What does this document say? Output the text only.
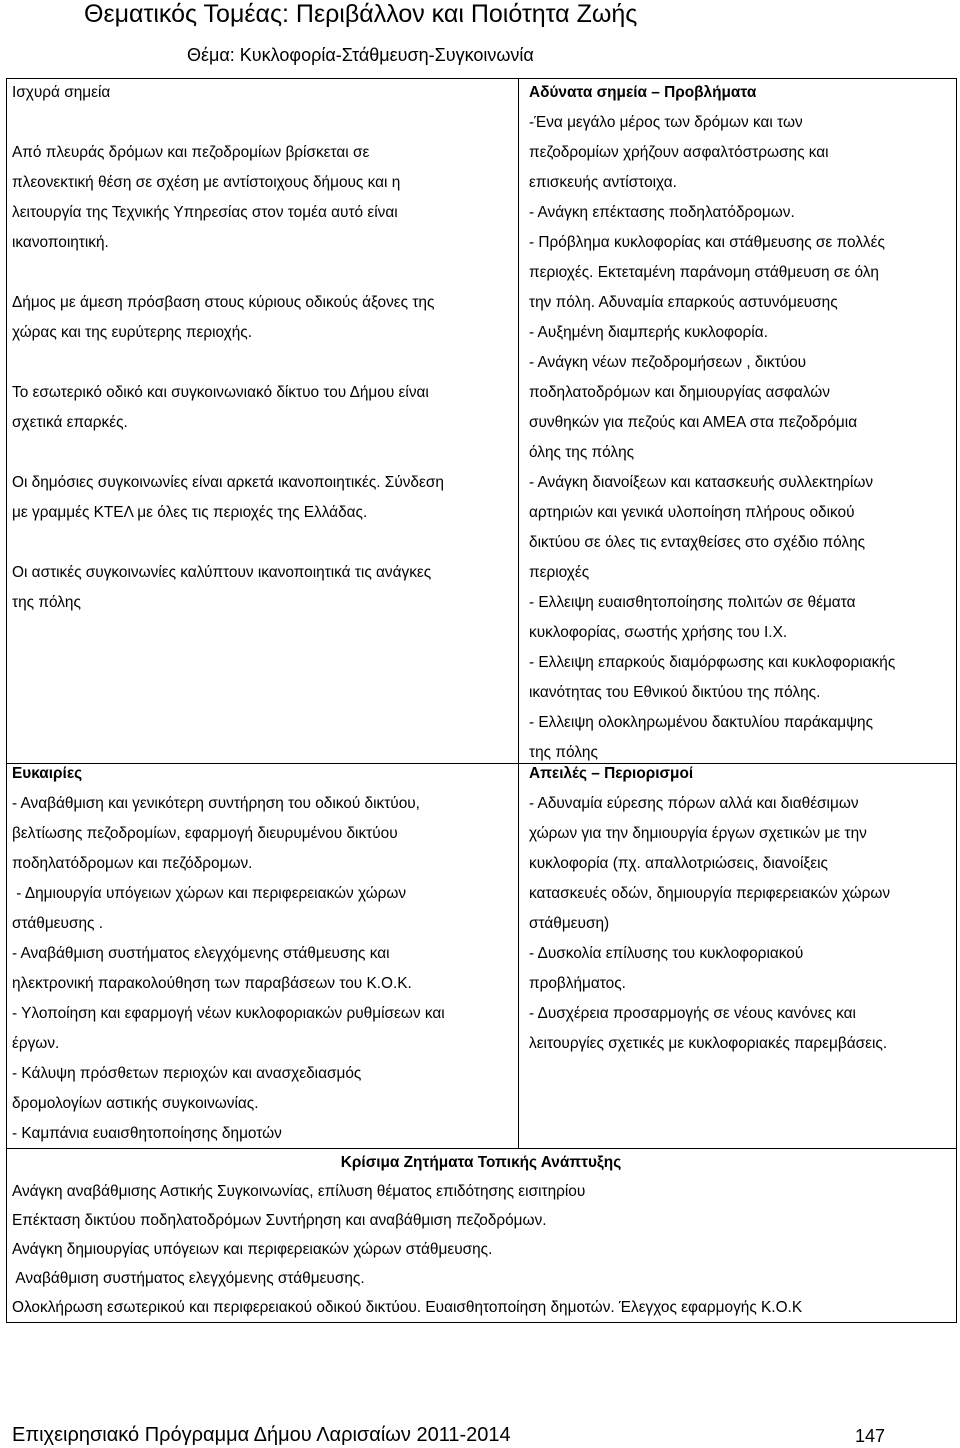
Θεματικός Τομέας: Περιβάλλον και Ποιότητα Ζωής
Θέμα: Κυκλοφορία-Στάθμευση-Συγκοινωνία
Ισχυρά σημεία
Από πλευράς δρόμων και πεζοδρομίων βρίσκεται σε
πλεονεκτική θέση σε σχέση με αντίστοιχους δήμους και η
λειτουργία της Τεχνικής Υπηρεσίας στον τομέα αυτό είναι
ικανοποιητική.
Δήμος με άμεση πρόσβαση στους κύριους οδικούς άξονες της
χώρας και της ευρύτερης περιοχής.
Το εσωτερικό οδικό και συγκοινωνιακό δίκτυο του Δήμου είναι
σχετικά επαρκές.
Οι δημόσιες συγκοινωνίες είναι αρκετά ικανοποιητικές. Σύνδεση
με γραμμές ΚΤΕΛ με όλες τις περιοχές της Ελλάδας.
Οι αστικές συγκοινωνίες καλύπτουν ικανοποιητικά τις ανάγκες
της πόλης
Αδύνατα σημεία – Προβλήματα
-Ένα μεγάλο μέρος των δρόμων και των
πεζοδρομίων χρήζουν ασφαλτόστρωσης και
επισκευής αντίστοιχα.
- Ανάγκη επέκτασης ποδηλατόδρομων.
- Πρόβλημα κυκλοφορίας και στάθμευσης σε πολλές
περιοχές. Εκτεταμένη παράνομη στάθμευση σε όλη
την πόλη. Αδυναμία επαρκούς αστυνόμευσης
- Αυξημένη διαμπερής κυκλοφορία.
- Ανάγκη νέων πεζοδρομήσεων , δικτύου
ποδηλατοδρόμων και δημιουργίας ασφαλών
συνθηκών για πεζούς και ΑΜΕΑ στα πεζοδρόμια
όλης της πόλης
- Ανάγκη διανοίξεων και κατασκευής συλλεκτηρίων
αρτηριών και γενικά υλοποίηση πλήρους οδικού
δικτύου σε όλες τις ενταχθείσες στο σχέδιο πόλης
περιοχές
- Ελλειψη ευαισθητοποίησης πολιτών σε θέματα
κυκλοφορίας, σωστής χρήσης του Ι.Χ.
- Ελλειψη επαρκούς διαμόρφωσης και κυκλοφοριακής
ικανότητας του Εθνικού δικτύου της πόλης.
- Ελλειψη ολοκληρωμένου δακτυλίου παράκαμψης
της πόλης
Ευκαιρίες
- Αναβάθμιση και γενικότερη συντήρηση του οδικού δικτύου,
βελτίωσης πεζοδρομίων, εφαρμογή διευρυμένου δικτύου
ποδηλατόδρομων και πεζόδρομων.
- Δημιουργία υπόγειων χώρων και περιφερειακών χώρων
στάθμευσης .
- Αναβάθμιση συστήματος ελεγχόμενης στάθμευσης και
ηλεκτρονική παρακολούθηση των παραβάσεων του Κ.Ο.Κ.
- Υλοποίηση και εφαρμογή νέων κυκλοφοριακών ρυθμίσεων και
έργων.
- Κάλυψη πρόσθετων περιοχών και ανασχεδιασμός
δρομολογίων αστικής συγκοινωνίας.
- Καμπάνια ευαισθητοποίησης δημοτών
Απειλές – Περιορισμοί
- Αδυναμία εύρεσης πόρων αλλά και διαθέσιμων
χώρων για την δημιουργία έργων σχετικών με την
κυκλοφορία (πχ. απαλλοτριώσεις, διανοίξεις
κατασκευές οδών, δημιουργία περιφερειακών χώρων
στάθμευση)
- Δυσκολία επίλυσης του κυκλοφοριακού
προβλήματος.
- Δυσχέρεια προσαρμογής σε νέους κανόνες και
λειτουργίες σχετικές με κυκλοφοριακές παρεμβάσεις.
Κρίσιμα Ζητήματα Τοπικής Ανάπτυξης
Ανάγκη αναβάθμισης Αστικής Συγκοινωνίας, επίλυση θέματος επιδότησης εισιτηρίου
Επέκταση δικτύου ποδηλατοδρόμων Συντήρηση και αναβάθμιση πεζοδρόμων.
Ανάγκη δημιουργίας υπόγειων και περιφερειακών χώρων στάθμευσης.
Αναβάθμιση συστήματος ελεγχόμενης στάθμευσης.
Ολοκλήρωση εσωτερικού και περιφερειακού οδικού δικτύου. Ευαισθητοποίηση δημοτών. Έλεγχος εφαρμογής Κ.Ο.Κ
Επιχειρησιακό Πρόγραμμα Δήμου Λαρισαίων 2011-2014	147
